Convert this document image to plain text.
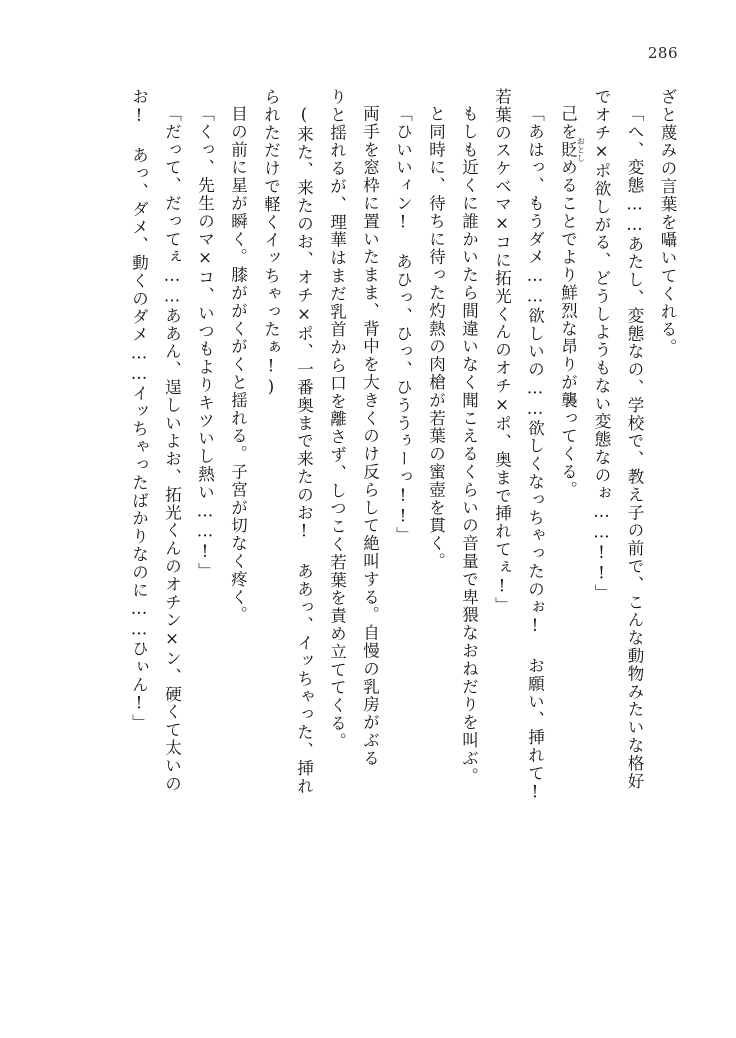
286
ざと蔑みの言葉を囁いてくれる。
「へ、変態……あたし、変態なの、学校で、教え子の前で、こんな動物みたいな格好
でオチ×ポ欲しがる、どうしようもない変態なのぉ……!!」
己を貶 おとしめることでより鮮烈な昂りが襲ってくる。
「あはっ、もうダメ……欲しいの……欲しくなっちゃったのぉ! お願い、挿れて!
若葉のスケベマ×コに拓光くんのオチ×ポ、奥まで挿れてぇ!」
もしも近くに誰かいたら間違いなく聞こえるくらいの音量で卑猥なおねだりを叫ぶ。
と同時に、待ちに待った灼熱の肉槍が若葉の蜜壺を貫く。
「ひいいィン! あひっ、ひっ、ひううぅーっ!!」
両手を窓枠に置いたまま、背中を大きくのけ反らして絶叫する。自慢の乳房がぶる
りと揺れるが、理華はまだ乳首から口を離さず、しつこく若葉を責め立ててくる。
(来た、来たのお、オチ×ポ、一番奥まで来たのお! ああっ、イッちゃった、挿れ
られただけで軽くイッちゃったぁ!)
目の前に星が瞬く。膝ががくがくと揺れる。子宮が切なく疼く。
「くっ、先生のマ×コ、いつもよりキツいし熱い……!」
「だって、だってぇ……ああん、逞しいよお、拓光くんのオチン×ン、硬くて太いの
お! あっ、ダメ、動くのダメ……イッちゃったばかりなのに……ひぃん!」
